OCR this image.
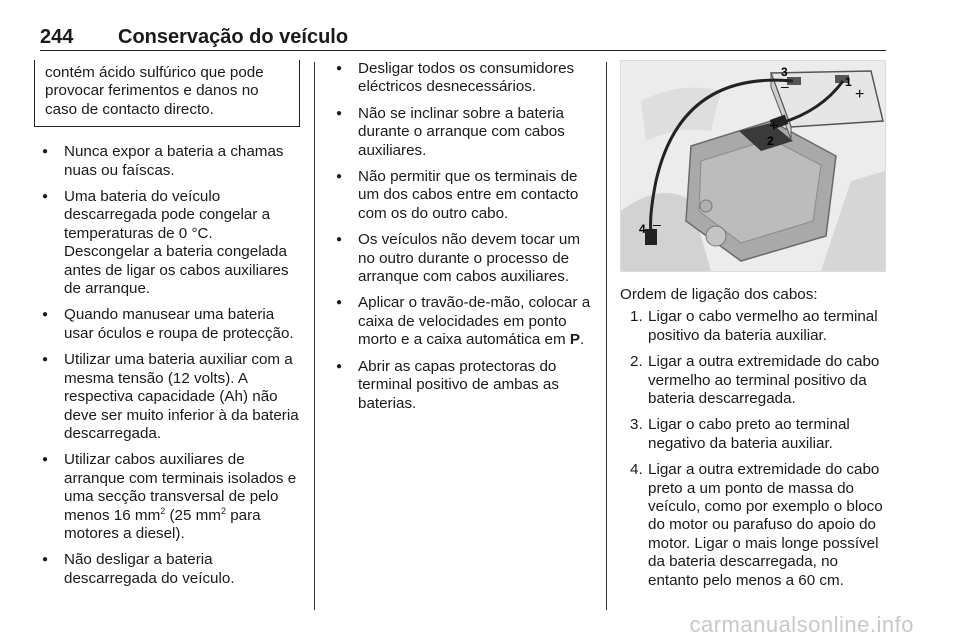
244 Conservação do veículo
contém ácido sulfúrico que pode provocar ferimentos e danos no caso de contacto directo.
● Nunca expor a bateria a chamas nuas ou faíscas.
● Uma bateria do veículo descarregada pode congelar a temperaturas de 0 °C. Descongelar a bateria congelada antes de ligar os cabos auxiliares de arranque.
● Quando manusear uma bateria usar óculos e roupa de protecção.
● Utilizar uma bateria auxiliar com a mesma tensão (12 volts). A respectiva capacidade (Ah) não deve ser muito inferior à da bateria descarregada.
● Utilizar cabos auxiliares de arranque com terminais isolados e uma secção transversal de pelo menos 16 $mm^2$ (25 $mm^2$ para motores a diesel).
● Não desligar a bateria descarregada do veículo.
● Desligar todos os consumidores eléctricos desnecessários.
● Não se inclinar sobre a bateria durante o arranque com cabos auxiliares.
● Não permitir que os terminais de um dos cabos entre em contacto com os do outro cabo.
● Os veículos não devem tocar um no outro durante o processo de arranque com cabos auxiliares.
● Aplicar o travão-de-mão, colocar a caixa de velocidades em ponto morto e a caixa automática em P.
● Abrir as capas protectoras do terminal positivo de ambas as baterias.
3
–	1
+
2
+
4 –
Ordem de ligação dos cabos:
1. Ligar o cabo vermelho ao terminal positivo da bateria auxiliar.
2. Ligar a outra extremidade do cabo vermelho ao terminal positivo da bateria descarregada.
3. Ligar o cabo preto ao terminal negativo da bateria auxiliar.
4. Ligar a outra extremidade do cabo preto a um ponto de massa do veículo, como por exemplo o bloco do motor ou parafuso do apoio do motor. Ligar o mais longe possível da bateria descarregada, no entanto pelo menos a 60 cm.
carmanualsonline.info
